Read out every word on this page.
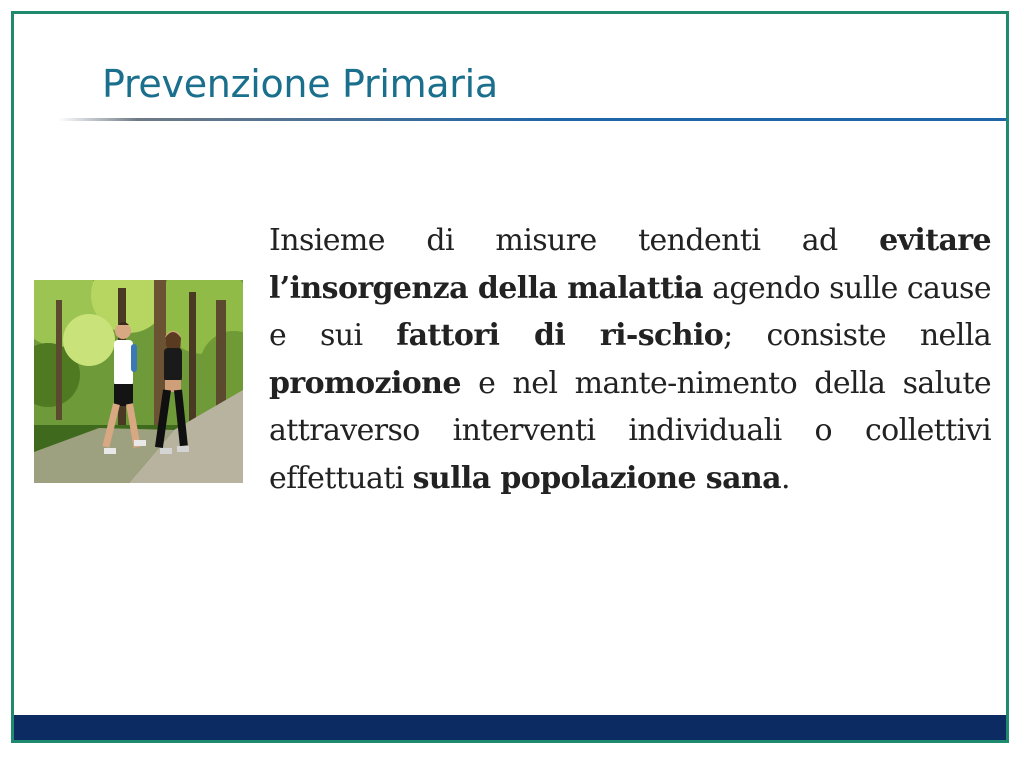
Prevenzione Primaria

Insieme di misure tendenti ad evitare l’insorgenza della malattia agendo sulle cause e sui fattori di ri-schio; consiste nella promozione e nel mante-nimento della salute attraverso interventi individuali o collettivi effettuati sulla popolazione sana.
